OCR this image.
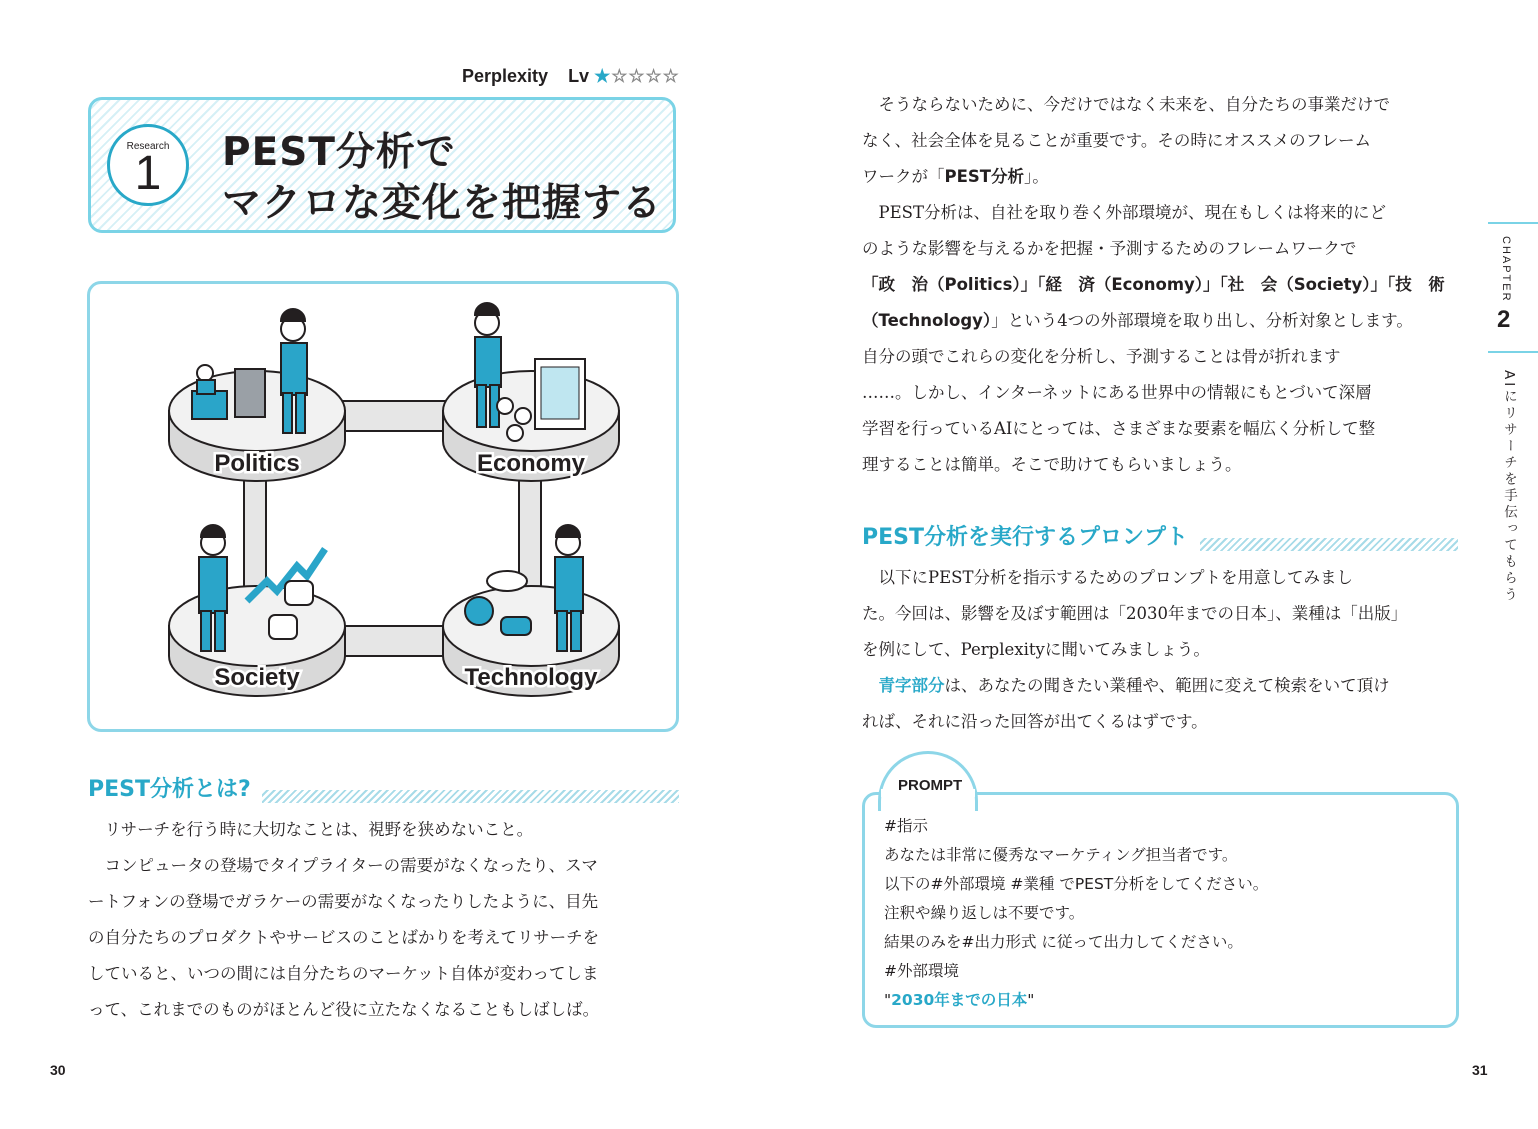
Perplexity Lv ★☆☆☆☆
Research
1	PEST分析で
マクロな変化を把握する
Politics	Economy
Society	Technology
PEST分析とは?
　リサーチを行う時に大切なことは、視野を狭めないこと。
　コンピュータの登場でタイプライターの需要がなくなったり、スマ
ートフォンの登場でガラケーの需要がなくなったりしたように、目先
の自分たちのプロダクトやサービスのことばかりを考えてリサーチを
していると、いつの間には自分たちのマーケット自体が変わってしま
って、これまでのものがほとんど役に立たなくなることもしばしば。
30
　そうならないために、今だけではなく未来を、自分たちの事業だけで
なく、社会全体を見ることが重要です。その時にオススメのフレーム
ワークが「PEST分析」。
　PEST分析は、自社を取り巻く外部環境が、現在もしくは将来的にど
のような影響を与えるかを把握・予測するためのフレームワークで
「政　治（Politics）」「経　済（Economy）」「社　会（Society）」「技　術
（Technology）」という4つの外部環境を取り出し、分析対象とします。
自分の頭でこれらの変化を分析し、予測することは骨が折れます
……。しかし、インターネットにある世界中の情報にもとづいて深層
学習を行っているAIにとっては、さまざまな要素を幅広く分析して整
理することは簡単。そこで助けてもらいましょう。
PEST分析を実行するプロンプト
　以下にPEST分析を指示するためのプロンプトを用意してみまし
た。今回は、影響を及ぼす範囲は「2030年までの日本」、業種は「出版」
を例にして、Perplexityに聞いてみましょう。
　青字部分は、あなたの聞きたい業種や、範囲に変えて検索をいて頂け
れば、それに沿った回答が出てくるはずです。
PROMPT
#指示
あなたは非常に優秀なマーケティング担当者です。
以下の#外部環境 #業種 でPEST分析をしてください。
注釈や繰り返しは不要です。
結果のみを#出力形式 に従って出力してください。
#外部環境
"2030年までの日本"
31
CHAPTER
2
AIにリサーチを手伝ってもらう
